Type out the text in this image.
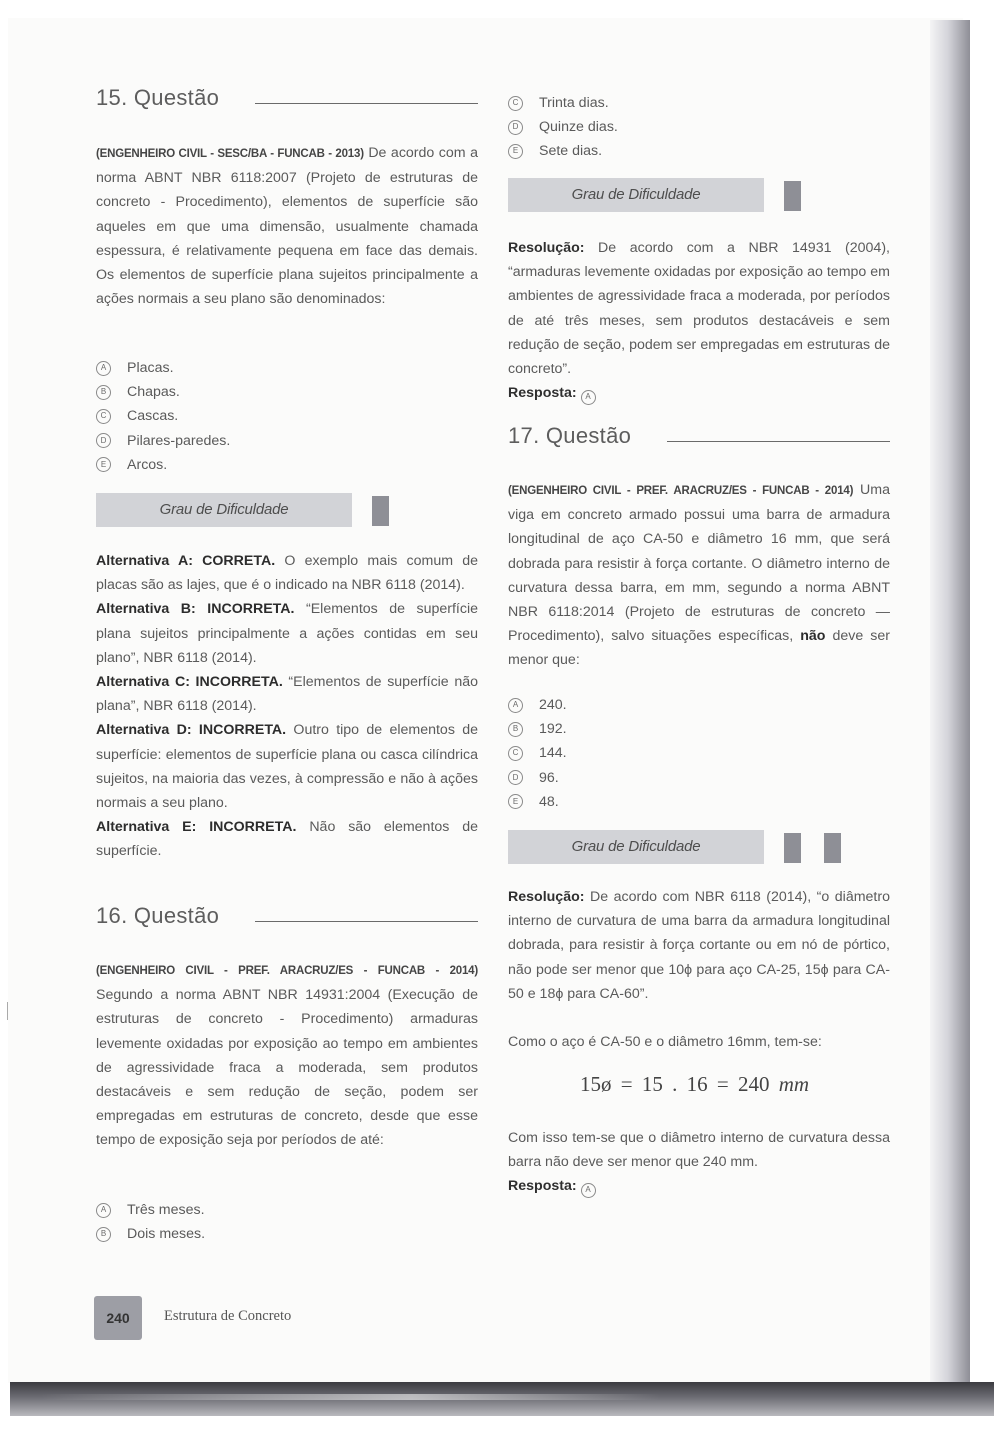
15. Questão

(ENGENHEIRO CIVIL - SESC/BA - FUNCAB - 2013) De acordo com a norma ABNT NBR 6118:2007 (Projeto de estruturas de concreto - Procedimento), elementos de superfície são aqueles em que uma dimensão, usualmente chamada espessura, é relativamente pequena em face das demais. Os elementos de superfície plana sujeitos principalmente a ações normais a seu plano são denominados:

A	Placas.
B	Chapas.
C	Cascas.
D	Pilares-paredes.
E	Arcos.
Grau de Dificuldade

Alternativa A: CORRETA. O exemplo mais comum de placas são as lajes, que é o indicado na NBR 6118 (2014).

Alternativa B: INCORRETA. “Elementos de superfície plana sujeitos principalmente a ações contidas em seu plano”, NBR 6118 (2014).

Alternativa C: INCORRETA. “Elementos de superfície não plana”, NBR 6118 (2014).

Alternativa D: INCORRETA. Outro tipo de elementos de superfície: elementos de superfície plana ou casca cilíndrica sujeitos, na maioria das vezes, à compressão e não à ações normais a seu plano.

Alternativa E: INCORRETA. Não são elementos de superfície.

16. Questão

(ENGENHEIRO CIVIL - PREF. ARACRUZ/ES - FUNCAB - 2014) Segundo a norma ABNT NBR 14931:2004 (Execução de estruturas de concreto - Procedimento) armaduras levemente oxidadas por exposição ao tempo em ambientes de agressividade fraca a moderada, sem produtos destacáveis e sem redução de seção, podem ser empregadas em estruturas de concreto, desde que esse tempo de exposição seja por períodos de até:

A	Três meses.
B	Dois meses.
C	Trinta dias.
D	Quinze dias.
E	Sete dias.
Grau de Dificuldade

Resolução: De acordo com a NBR 14931 (2004), “armaduras levemente oxidadas por exposição ao tempo em ambientes de agressividade fraca a moderada, por períodos de até três meses, sem produtos destacáveis e sem redução de seção, podem ser empregadas em estruturas de concreto”.

Resposta: A

17. Questão

(ENGENHEIRO CIVIL - PREF. ARACRUZ/ES - FUNCAB - 2014) Uma viga em concreto armado possui uma barra de armadura longitudinal de aço CA-50 e diâmetro 16 mm, que será dobrada para resistir à força cortante. O diâmetro interno de curvatura dessa barra, em mm, segundo a norma ABNT NBR 6118:2014 (Projeto de estruturas de concreto — Procedimento), salvo situações específicas, não deve ser menor que:

A	240.
B	192.
C	144.
D	96.
E	48.
Grau de Dificuldade

Resolução: De acordo com NBR 6118 (2014), “o diâmetro interno de curvatura de uma barra da armadura longitudinal dobrada, para resistir à força cortante ou em nó de pórtico, não pode ser menor que 10ϕ para aço CA-25, 15ϕ para CA-50 e 18ϕ para CA-60”.

Como o aço é CA-50 e o diâmetro 16mm, tem-se:

Com isso tem-se que o diâmetro interno de curvatura dessa barra não deve ser menor que 240 mm.

Resposta: A

15ø = 15 . 16 = 240 mm
240	Estrutura de Concreto
